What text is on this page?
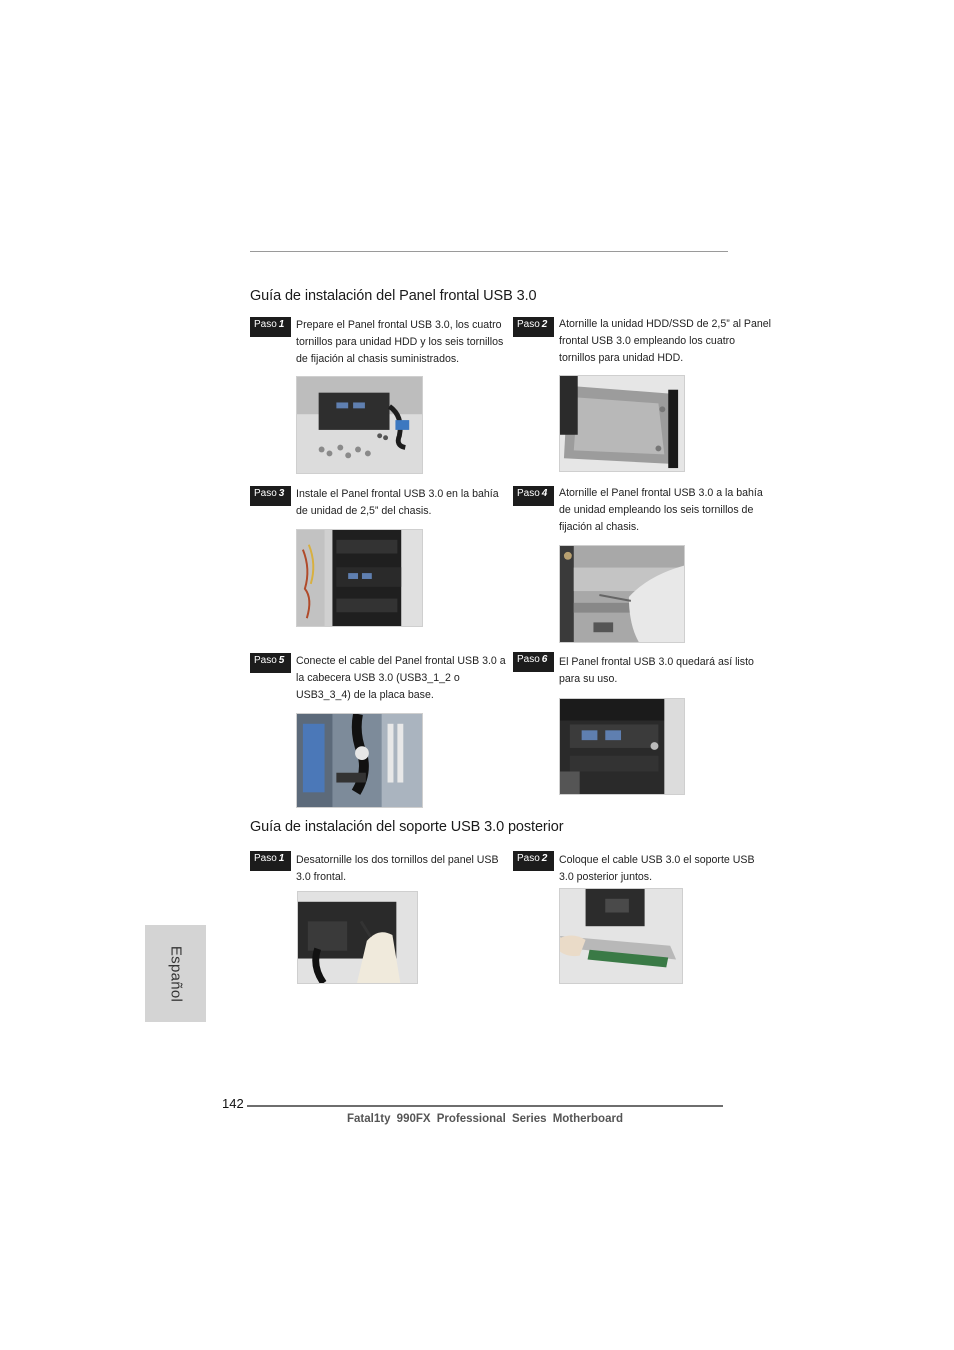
Guía de instalación del Panel frontal USB 3.0
Paso 1	Prepare el Panel frontal USB 3.0, los cuatro tornillos para unidad HDD y los seis tornillos de fijación al chasis suministrados.
Paso 2	Atornille la unidad HDD/SSD de 2,5” al Panel frontal USB 3.0 empleando los cuatro tornillos para unidad HDD.
Paso 3	Instale el Panel frontal USB 3.0 en la bahía de unidad de 2,5” del chasis.
Paso 4	Atornille el Panel frontal USB 3.0 a la bahía de unidad empleando los seis tornillos de fijación al chasis.
Paso 5	Conecte el cable del Panel frontal USB 3.0 a la cabecera USB 3.0 (USB3_1_2 o USB3_3_4) de la placa base.
Paso 6	El Panel frontal USB 3.0 quedará así listo para su uso.
Guía de instalación del soporte USB 3.0 posterior
Paso 1	Desatornille los dos tornillos del panel USB 3.0 frontal.
Paso 2	Coloque el cable USB 3.0 el soporte USB 3.0 posterior juntos.
Español
142
Fatal1ty 990FX Professional Series Motherboard
